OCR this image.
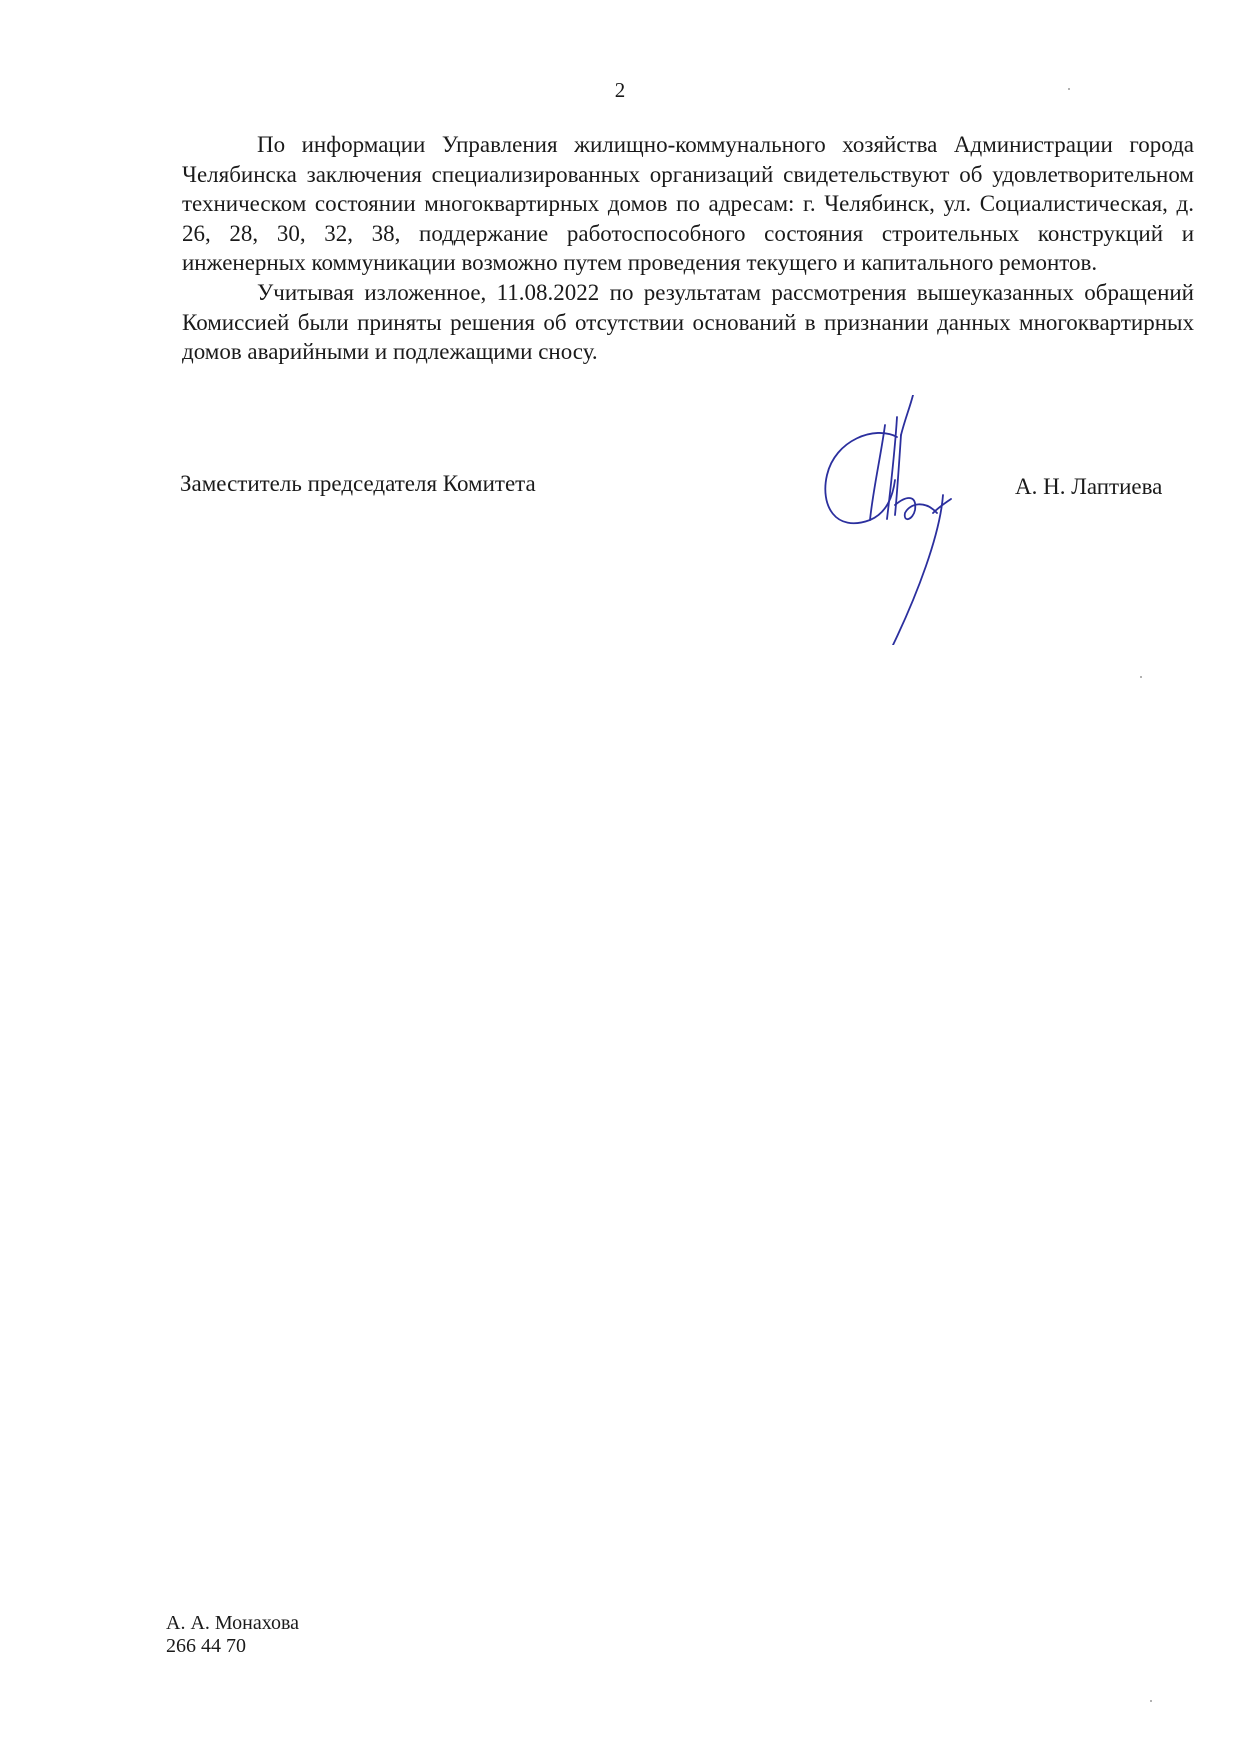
2

По информации Управления жилищно-коммунального хозяйства Администрации города Челябинска заключения специализированных организаций свидетельствуют об удовлетворительном техническом состоянии многоквартирных домов по адресам: г. Челябинск, ул. Социалистическая, д. 26, 28, 30, 32, 38, поддержание работоспособного состояния строительных конструкций и инженерных коммуникации возможно путем проведения текущего и капитального ремонтов.

Учитывая изложенное, 11.08.2022 по результатам рассмотрения вышеуказанных обращений Комиссией были приняты решения об отсутствии оснований в признании данных многоквартирных домов аварийными и подлежащими сносу.

Заместитель председателя Комитета	А. Н. Лаптиева
А. А. Монахова
266 44 70
